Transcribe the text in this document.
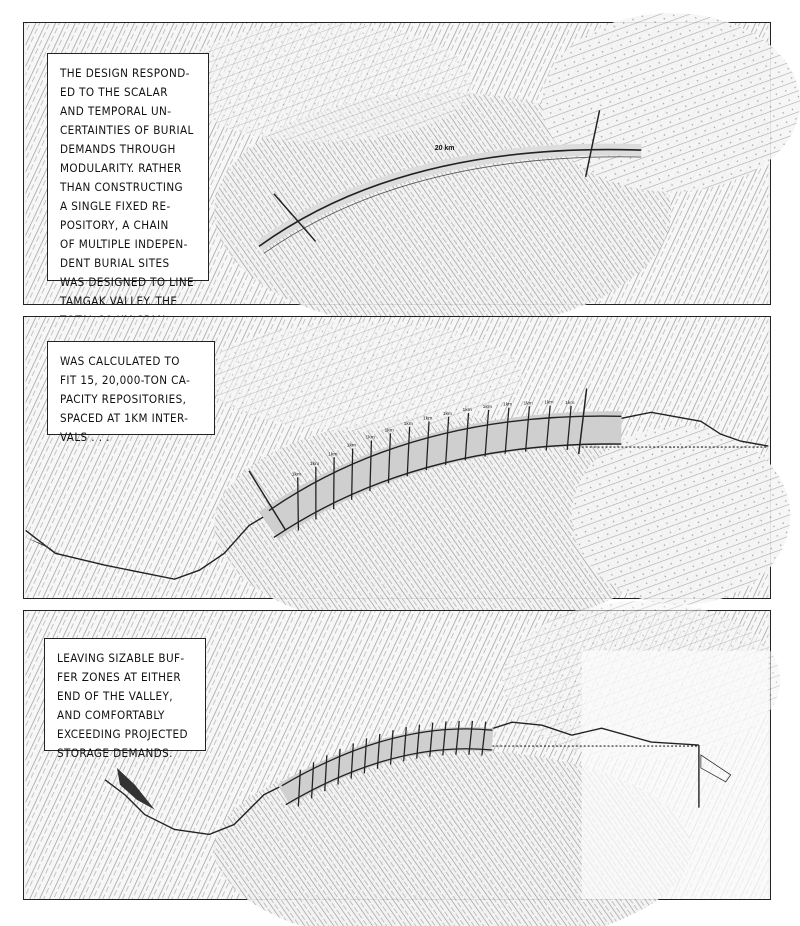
20 km

THE DESIGN RESPOND-

ED TO THE SCALAR

AND TEMPORAL UN-

CERTAINTIES OF BURIAL

DEMANDS THROUGH

MODULARITY. RATHER

THAN CONSTRUCTING

A SINGLE FIXED RE-

POSITORY, A CHAIN

OF MULTIPLE INDEPEN-

DENT BURIAL SITES

WAS DESIGNED TO LINE

TAMGAK VALLEY. THE

1km
1km
1km
1km
1km
1km
1km
1km
1km
1km
1km 1km 1km 1km 1km

WAS CALCULATED TO

FIT 15, 20,000-TON CA-

PACITY REPOSITORIES,

SPACED AT 1KM INTER-

VALS . . .

LEAVING SIZABLE BUF-

FER ZONES AT EITHER

END OF THE VALLEY,

AND COMFORTABLY

EXCEEDING PROJECTED

STORAGE DEMANDS.
